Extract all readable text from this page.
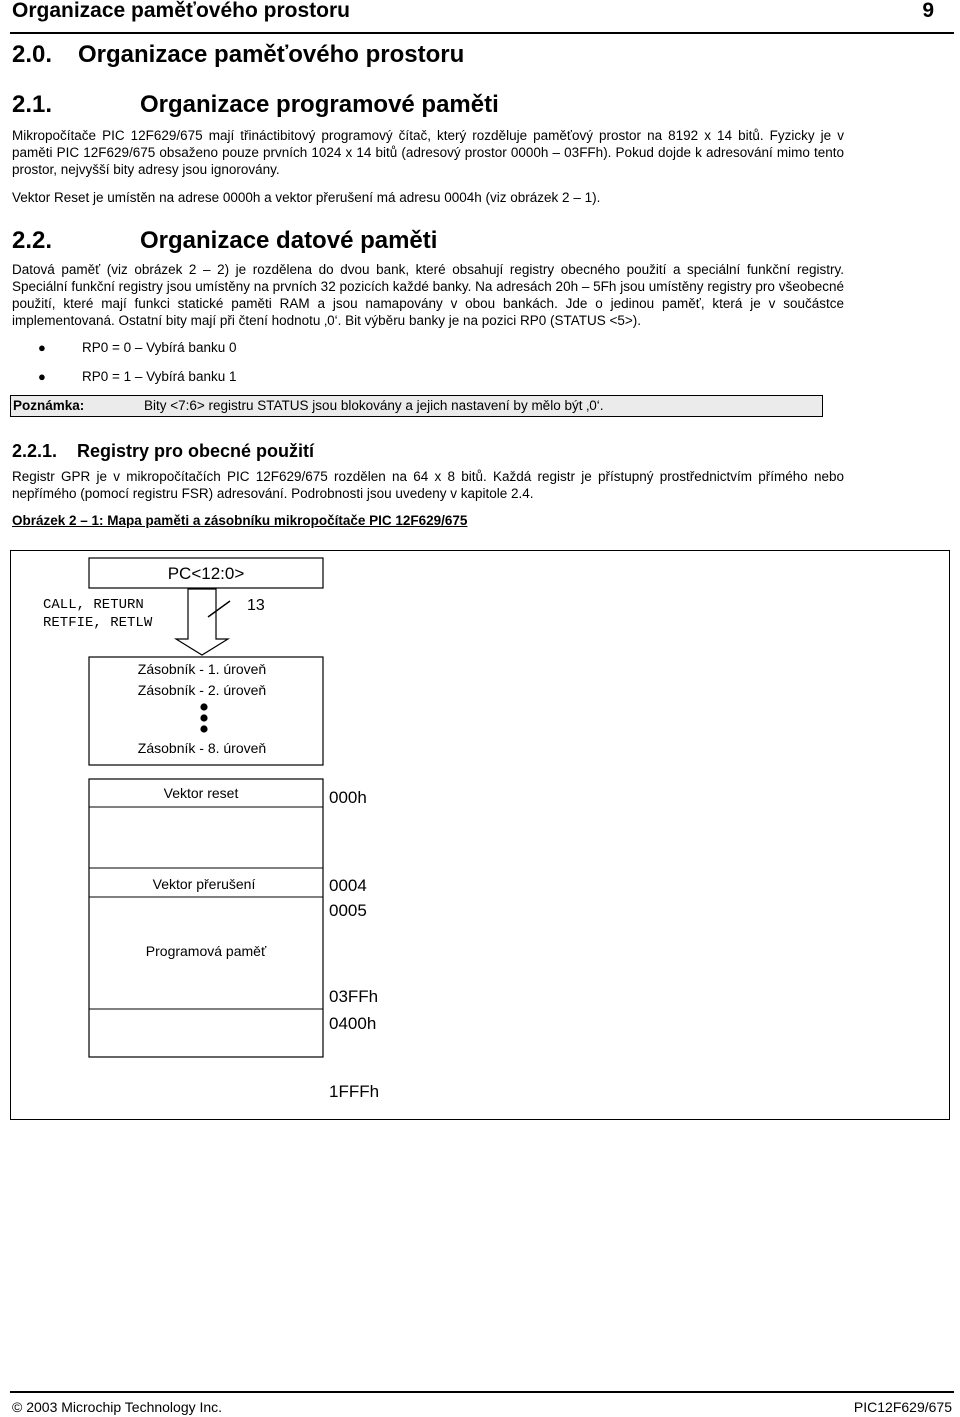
Organizace paměťového prostoru	9
2.0. Organizace paměťového prostoru
2.1.	Organizace programové paměti

Mikropočítače PIC 12F629/675 mají třináctibitový programový čítač, který rozděluje paměťový prostor na 8192 x 14 bitů. Fyzicky je v paměti PIC 12F629/675 obsaženo pouze prvních 1024 x 14 bitů (adresový prostor 0000h – 03FFh). Pokud dojde k adresování mimo tento prostor, nejvyšší bity adresy jsou ignorovány.

Vektor Reset je umístěn na adrese 0000h a vektor přerušení má adresu 0004h (viz obrázek 2 – 1).

2.2.	Organizace datové paměti

Datová paměť (viz obrázek 2 – 2) je rozdělena do dvou bank, které obsahují registry obecného použití a speciální funkční registry. Speciální funkční registry jsou umístěny na prvních 32 pozicích každé banky. Na adresách 20h – 5Fh jsou umístěny registry pro všeobecné použití, které mají funkci statické paměti RAM a jsou namapovány v obou bankách. Jde o jedinou paměť, která je v součástce implementovaná. Ostatní bity mají při čtení hodnotu ‚0‘. Bit výběru banky je na pozici RP0 (STATUS <5>).

●	RP0 = 0 – Vybírá banku 0
●	RP0 = 1 – Vybírá banku 1
Poznámka:	Bity <7:6> registru STATUS jsou blokovány a jejich nastavení by mělo být ‚0‘.
2.2.1. Registry pro obecné použití

Registr GPR je v mikropočítačích PIC 12F629/675 rozdělen na 64 x 8 bitů. Každá registr je přístupný prostřednictvím přímého nebo nepřímého (pomocí registru FSR) adresování. Podrobnosti jsou uvedeny v kapitole 2.4.

Obrázek 2 – 1: Mapa paměti a zásobníku mikropočítače PIC 12F629/675
PC<12:0>
CALL, RETURN
RETFIE, RETLW
13
Zásobník - 1. úroveň
Zásobník - 2. úroveň
Zásobník - 8. úroveň
Vektor reset
Vektor přerušení
Programová paměť
000h
0004
0005
03FFh
0400h
1FFFh
© 2003 Microchip Technology Inc.	PIC12F629/675
